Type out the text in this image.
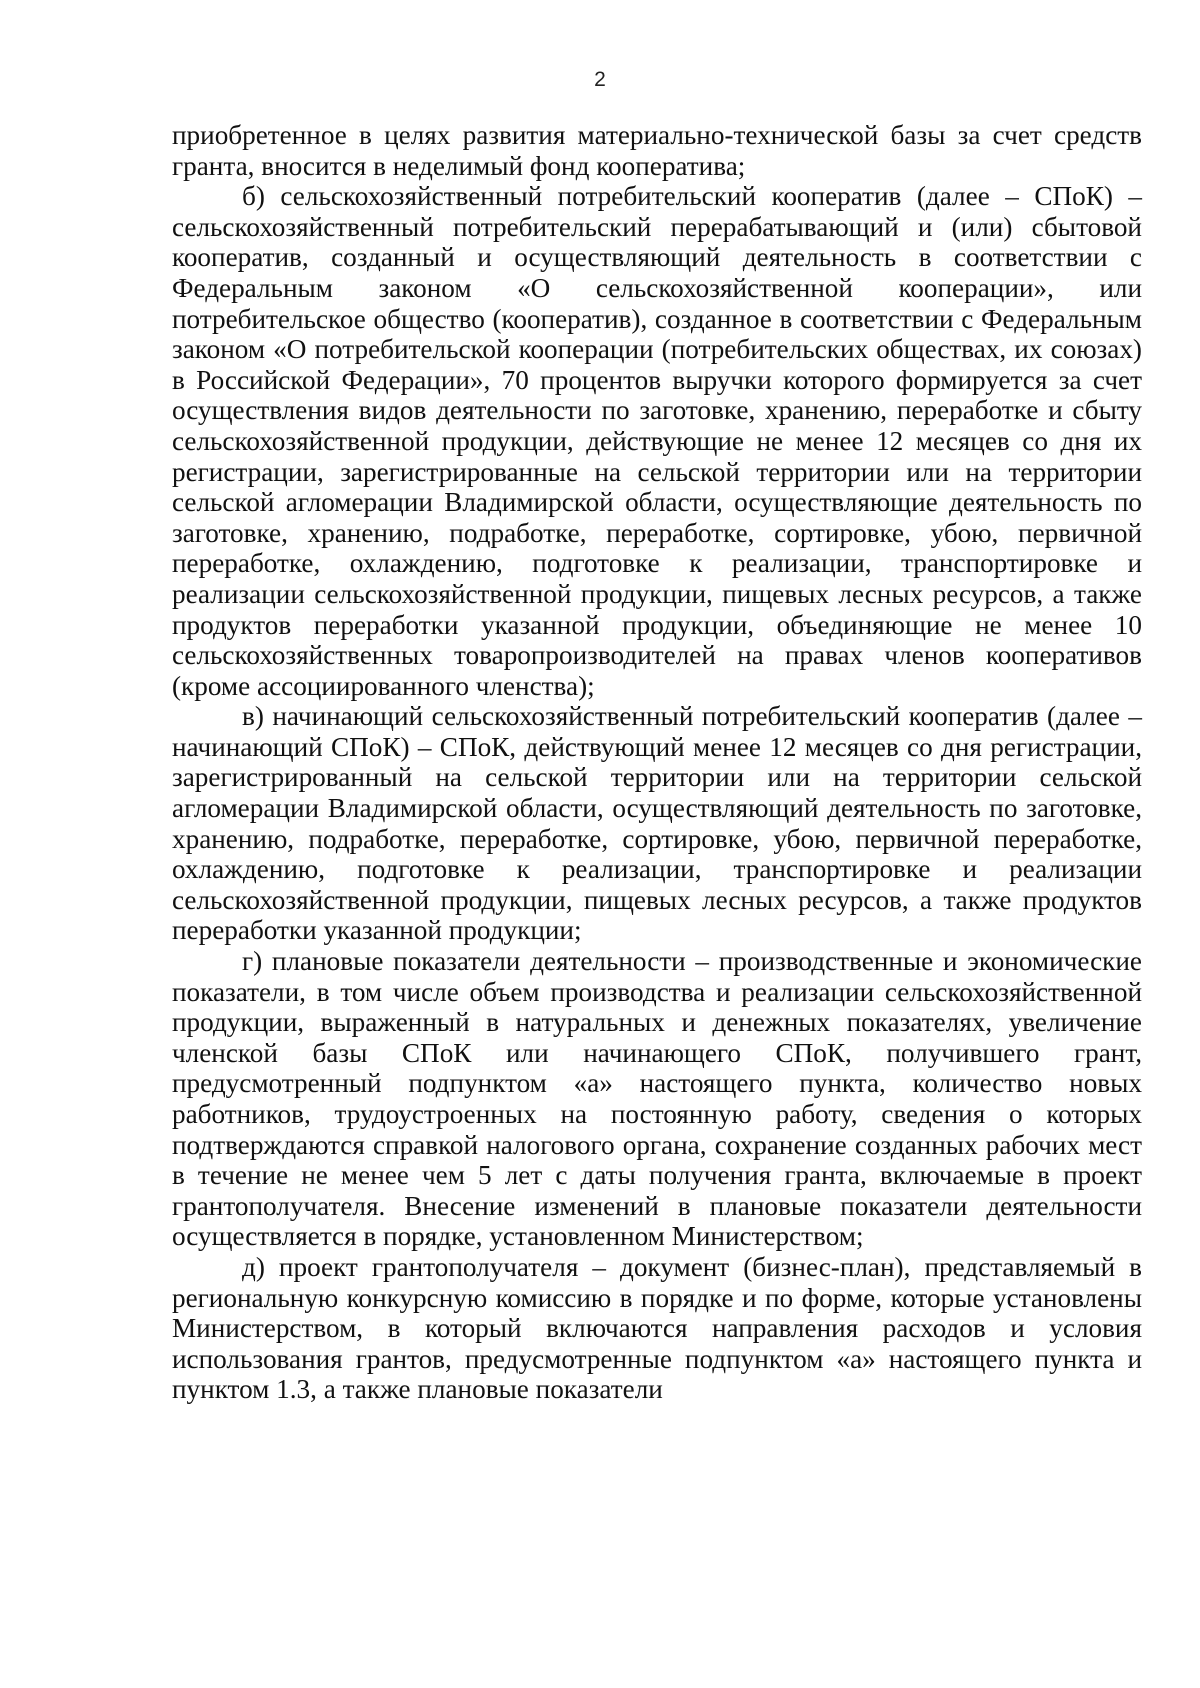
2

приобретенное в целях развития материально-технической базы за счет средств гранта, вносится в неделимый фонд кооператива;

б) сельскохозяйственный потребительский кооператив (далее – СПоК) – сельскохозяйственный потребительский перерабатывающий и (или) сбытовой кооператив, созданный и осуществляющий деятельность в соответствии с Федеральным законом «О сельскохозяйственной кооперации», или потребительское общество (кооператив), созданное в соответствии с Федеральным законом «О потребительской кооперации (потребительских обществах, их союзах) в Российской Федерации», 70 процентов выручки которого формируется за счет осуществления видов деятельности по заготовке, хранению, переработке и сбыту сельскохозяйственной продукции, действующие не менее 12 месяцев со дня их регистрации, зарегистрированные на сельской территории или на территории сельской агломерации Владимирской области, осуществляющие деятельность по заготовке, хранению, подработке, переработке, сортировке, убою, первичной переработке, охлаждению, подготовке к реализации, транспортировке и реализации сельскохозяйственной продукции, пищевых лесных ресурсов, а также продуктов переработки указанной продукции, объединяющие не менее 10 сельскохозяйственных товаропроизводителей на правах членов кооперативов (кроме ассоциированного членства);

в) начинающий сельскохозяйственный потребительский кооператив (далее – начинающий СПоК) – СПоК, действующий менее 12 месяцев со дня регистрации, зарегистрированный на сельской территории или на территории сельской агломерации Владимирской области, осуществляющий деятельность по заготовке, хранению, подработке, переработке, сортировке, убою, первичной переработке, охлаждению, подготовке к реализации, транспортировке и реализации сельскохозяйственной продукции, пищевых лесных ресурсов, а также продуктов переработки указанной продукции;

г) плановые показатели деятельности – производственные и экономические показатели, в том числе объем производства и реализации сельскохозяйственной продукции, выраженный в натуральных и денежных показателях, увеличение членской базы СПоК или начинающего СПоК, получившего грант, предусмотренный подпунктом «а» настоящего пункта, количество новых работников, трудоустроенных на постоянную работу, сведения о которых подтверждаются справкой налогового органа, сохранение созданных рабочих мест в течение не менее чем 5 лет с даты получения гранта, включаемые в проект грантополучателя. Внесение изменений в плановые показатели деятельности осуществляется в порядке, установленном Министерством;

д) проект грантополучателя – документ (бизнес-план), представляемый в региональную конкурсную комиссию в порядке и по форме, которые установлены Министерством, в который включаются направления расходов и условия использования грантов, предусмотренные подпунктом «а» настоящего пункта и пунктом 1.3, а также плановые показатели
